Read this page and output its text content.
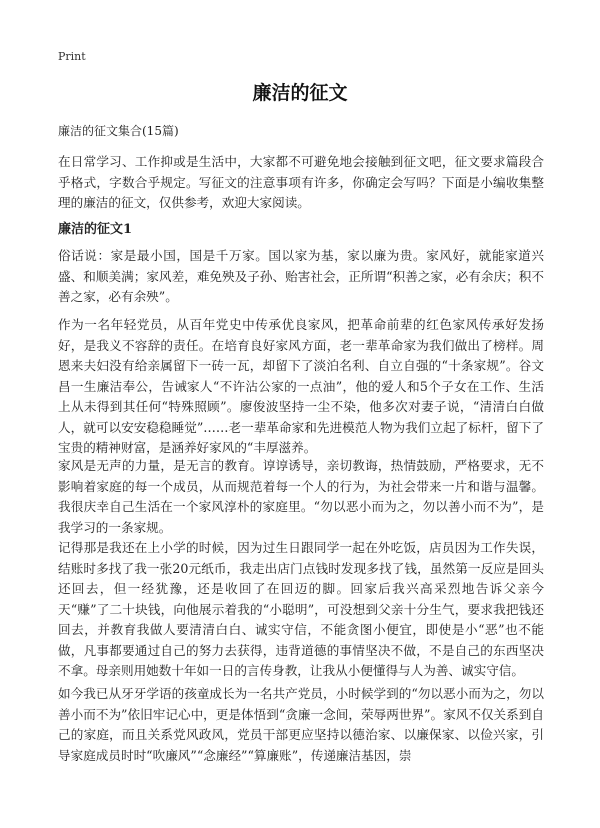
Print
廉洁的征文
廉洁的征文集合(15篇)

在日常学习、工作抑或是生活中，大家都不可避免地会接触到征文吧，征文要求篇段合乎格式，字数合乎规定。写征文的注意事项有许多，你确定会写吗？下面是小编收集整理的廉洁的征文，仅供参考，欢迎大家阅读。

廉洁的征文1

俗话说：家是最小国，国是千万家。国以家为基，家以廉为贵。家风好，就能家道兴盛、和顺美满；家风差，难免殃及子孙、贻害社会，正所谓“积善之家，必有余庆；积不善之家，必有余殃”。

作为一名年轻党员，从百年党史中传承优良家风，把革命前辈的红色家风传承好发扬好，是我义不容辞的责任。在培育良好家风方面，老一辈革命家为我们做出了榜样。周恩来夫妇没有给亲属留下一砖一瓦，却留下了淡泊名利、自立自强的“十条家规”。谷文昌一生廉洁奉公，告诫家人“不许沾公家的一点油”，他的爱人和5个子女在工作、生活上从未得到其任何“特殊照顾”。廖俊波坚持一尘不染，他多次对妻子说，“清清白白做人，就可以安安稳稳睡觉”……老一辈革命家和先进模范人物为我们立起了标杆，留下了宝贵的精神财富，是涵养好家风的“丰厚滋养。

家风是无声的力量，是无言的教育。谆谆诱导，亲切教诲，热情鼓励，严格要求，无不影响着家庭的每一个成员，从而规范着每一个人的行为，为社会带来一片和谐与温馨。我很庆幸自己生活在一个家风淳朴的家庭里。“勿以恶小而为之，勿以善小而不为”，是我学习的一条家规。

记得那是我还在上小学的时候，因为过生日跟同学一起在外吃饭，店员因为工作失误，结账时多找了我一张20元纸币，我走出店门点钱时发现多找了钱，虽然第一反应是回头还回去，但一经犹豫，还是收回了在回迈的脚。回家后我兴高采烈地告诉父亲今天“赚”了二十块钱，向他展示着我的“小聪明”，可没想到父亲十分生气，要求我把钱还回去，并教育我做人要清清白白、诚实守信，不能贪图小便宜，即使是小“恶”也不能做，凡事都要通过自己的努力去获得，违背道德的事情坚决不做，不是自己的东西坚决不拿。母亲则用她数十年如一日的言传身教，让我从小便懂得与人为善、诚实守信。

如今我已从牙牙学语的孩童成长为一名共产党员，小时候学到的“勿以恶小而为之，勿以善小而不为”依旧牢记心中，更是体悟到“贪廉一念间，荣辱两世界”。家风不仅关系到自己的家庭，而且关系党风政风，党员干部更应坚持以德治家、以廉保家、以俭兴家，引导家庭成员时时“吹廉风”“念廉经”“算廉账”，传递廉洁基因，崇
